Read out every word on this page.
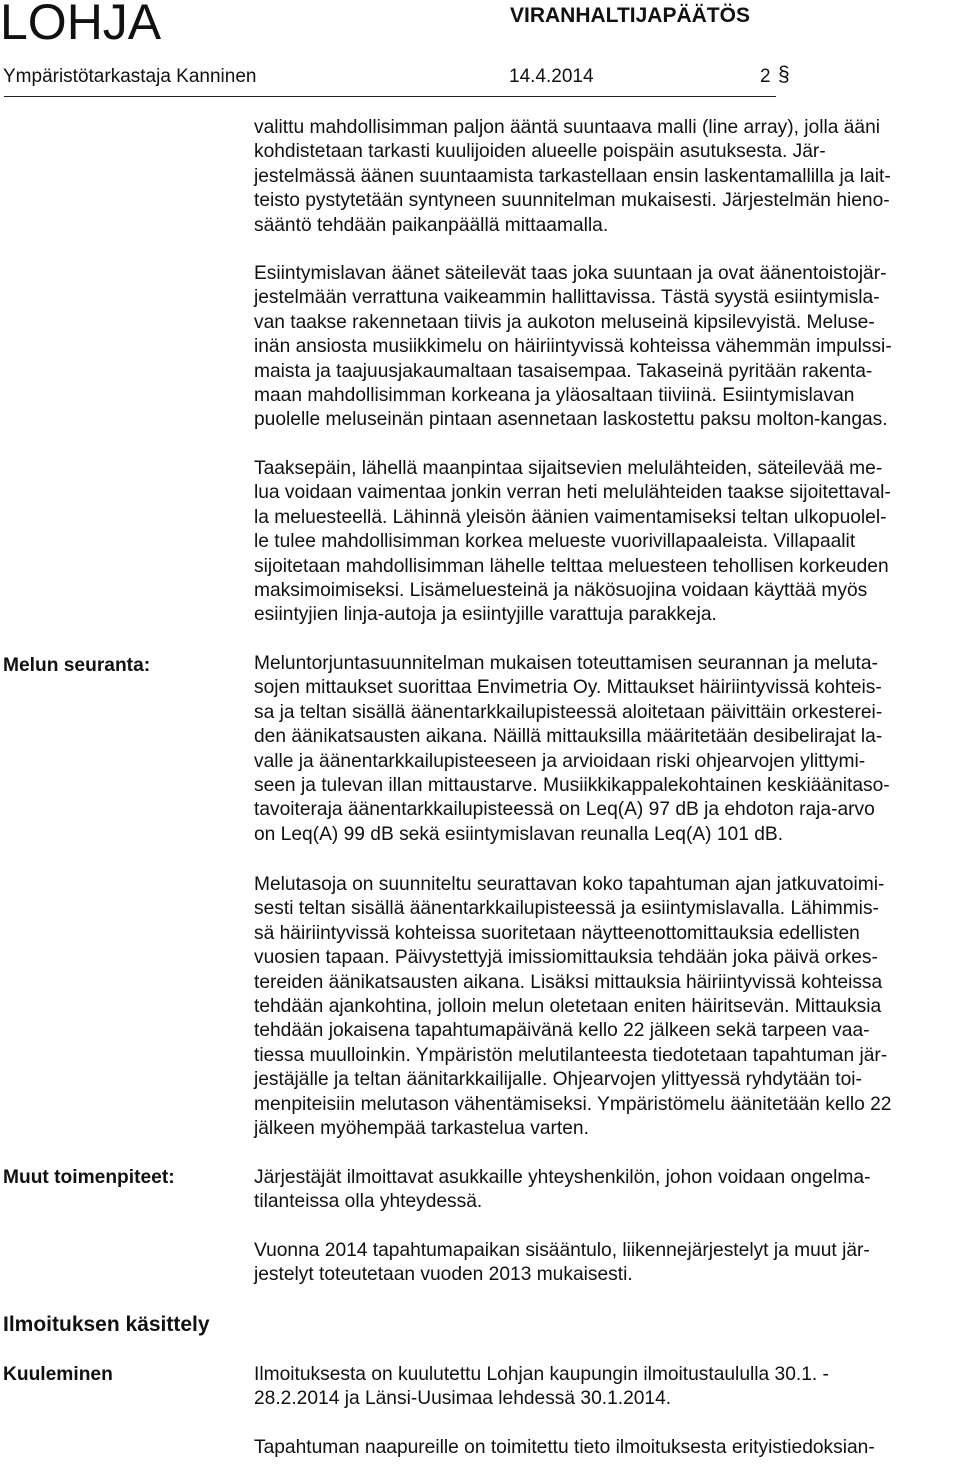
LOHJA	VIRANHALTIJAPÄÄTÖS
Ympäristötarkastaja Kanninen	14.4.2014	2 §

valittu mahdollisimman paljon ääntä suuntaava malli (line array), jolla ääni
kohdistetaan tarkasti kuulijoiden alueelle poispäin asutuksesta. Jär-
jestelmässä äänen suuntaamista tarkastellaan ensin laskentamallilla ja lait-
teisto pystytetään syntyneen suunnitelman mukaisesti. Järjestelmän hieno-
sääntö tehdään paikanpäällä mittaamalla.

Esiintymislavan äänet säteilevät taas joka suuntaan ja ovat äänentoistojär-
jestelmään verrattuna vaikeammin hallittavissa. Tästä syystä esiintymisla-
van taakse rakennetaan tiivis ja aukoton meluseinä kipsilevyistä. Meluse-
inän ansiosta musiikkimelu on häiriintyvissä kohteissa vähemmän impulssi-
maista ja taajuusjakaumaltaan tasaisempaa. Takaseinä pyritään rakenta-
maan mahdollisimman korkeana ja yläosaltaan tiiviinä. Esiintymislavan
puolelle meluseinän pintaan asennetaan laskostettu paksu molton-kangas.

Taaksepäin, lähellä maanpintaa sijaitsevien melulähteiden, säteilevää me-
lua voidaan vaimentaa jonkin verran heti melulähteiden taakse sijoitettaval-
la meluesteellä. Lähinnä yleisön äänien vaimentamiseksi teltan ulkopuolel-
le tulee mahdollisimman korkea melueste vuorivillapaaleista. Villapaalit
sijoitetaan mahdollisimman lähelle telttaa meluesteen tehollisen korkeuden
maksimoimiseksi. Lisämeluesteinä ja näkösuojina voidaan käyttää myös
esiintyjien linja-autoja ja esiintyjille varattuja parakkeja.

Melun seuranta:	Meluntorjuntasuunnitelman mukaisen toteuttamisen seurannan ja meluta-
sojen mittaukset suorittaa Envimetria Oy. Mittaukset häiriintyvissä kohteis-
sa ja teltan sisällä äänentarkkailupisteessä aloitetaan päivittäin orkesterei-
den äänikatsausten aikana. Näillä mittauksilla määritetään desibelirajat la-
valle ja äänentarkkailupisteeseen ja arvioidaan riski ohjearvojen ylittymi-
seen ja tulevan illan mittaustarve. Musiikkikappalekohtainen keskiäänitaso-
tavoiteraja äänentarkkailupisteessä on Leq(A) 97 dB ja ehdoton raja-arvo
on Leq(A) 99 dB sekä esiintymislavan reunalla Leq(A) 101 dB.

Melutasoja on suunniteltu seurattavan koko tapahtuman ajan jatkuvatoimi-
sesti teltan sisällä äänentarkkailupisteessä ja esiintymislavalla. Lähimmis-
sä häiriintyvissä kohteissa suoritetaan näytteenottomittauksia edellisten
vuosien tapaan. Päivystettyjä imissiomittauksia tehdään joka päivä orkes-
tereiden äänikatsausten aikana. Lisäksi mittauksia häiriintyvissä kohteissa
tehdään ajankohtina, jolloin melun oletetaan eniten häiritsevän. Mittauksia
tehdään jokaisena tapahtumapäivänä kello 22 jälkeen sekä tarpeen vaa-
tiessa muulloinkin. Ympäristön melutilanteesta tiedotetaan tapahtuman jär-
jestäjälle ja teltan äänitarkkailijalle. Ohjearvojen ylittyessä ryhdytään toi-
menpiteisiin melutason vähentämiseksi. Ympäristömelu äänitetään kello 22
jälkeen myöhempää tarkastelua varten.

Muut toimenpiteet:	Järjestäjät ilmoittavat asukkaille yhteyshenkilön, johon voidaan ongelma-
tilanteissa olla yhteydessä.

Vuonna 2014 tapahtumapaikan sisääntulo, liikennejärjestelyt ja muut jär-
jestelyt toteutetaan vuoden 2013 mukaisesti.

Ilmoituksen käsittely

Kuuleminen	Ilmoituksesta on kuulutettu Lohjan kaupungin ilmoitustaululla 30.1. -
28.2.2014 ja Länsi-Uusimaa lehdessä 30.1.2014.

Tapahtuman naapureille on toimitettu tieto ilmoituksesta erityistiedoksian-
